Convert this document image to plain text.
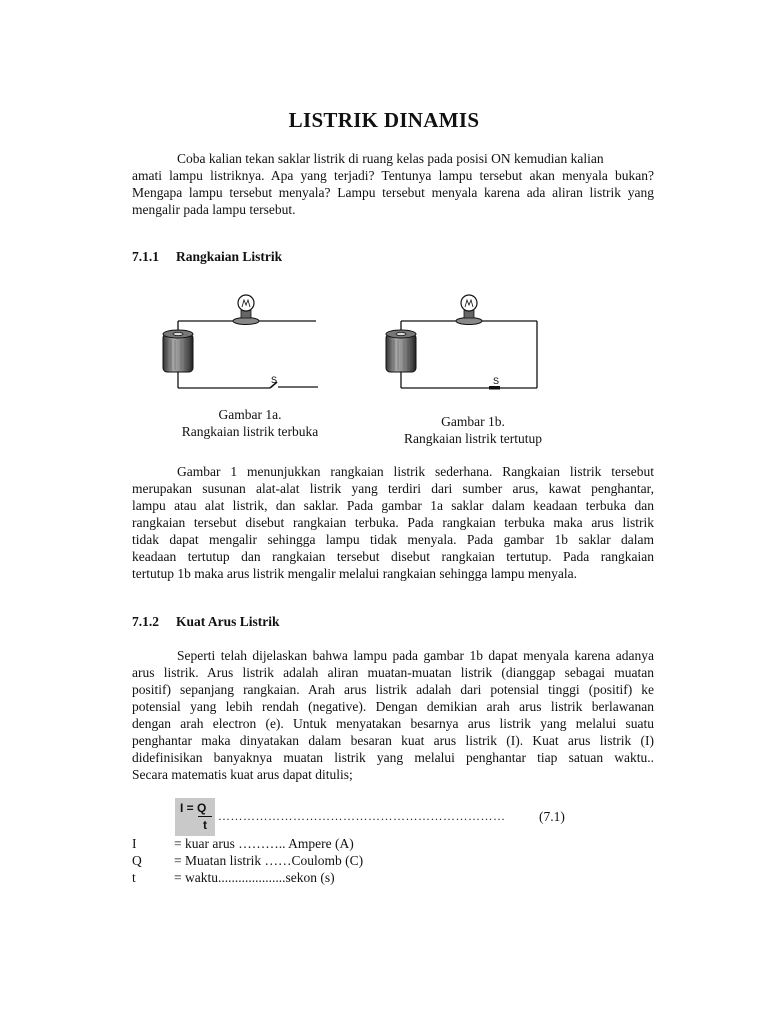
LISTRIK DINAMIS
Coba kalian tekan saklar listrik di ruang kelas pada posisi ON kemudian kalian
amati lampu listriknya. Apa yang terjadi? Tentunya lampu tersebut akan menyala bukan?
Mengapa lampu tersebut menyala? Lampu tersebut menyala karena ada aliran listrik yang
mengalir pada lampu tersebut.
7.1.1 Rangkaian Listrik
S	S
Gambar 1a.
Rangkaian listrik terbuka
Gambar 1b.
Rangkaian listrik tertutup
Gambar 1 menunjukkan rangkaian listrik sederhana. Rangkaian listrik tersebut
merupakan susunan alat-alat listrik yang terdiri dari sumber arus, kawat penghantar,
lampu atau alat listrik, dan saklar. Pada gambar 1a saklar dalam keadaan terbuka dan
rangkaian tersebut disebut rangkaian terbuka. Pada rangkaian terbuka maka arus listrik
tidak dapat mengalir sehingga lampu tidak menyala. Pada gambar 1b saklar dalam
keadaan tertutup dan rangkaian tersebut disebut rangkaian tertutup. Pada rangkaian
tertutup 1b maka arus listrik mengalir melalui rangkaian sehingga lampu menyala.
7.1.2 Kuat Arus Listrik
Seperti telah dijelaskan bahwa lampu pada gambar 1b dapat menyala karena adanya
arus listrik. Arus listrik adalah aliran muatan-muatan listrik (dianggap sebagai muatan
positif) sepanjang rangkaian. Arah arus listrik adalah dari potensial tinggi (positif) ke
potensial yang lebih rendah (negative). Dengan demikian arah arus listrik berlawanan
dengan arah electron (e). Untuk menyatakan besarnya arus listrik yang melalui suatu
penghantar maka dinyatakan dalam besaran kuat arus listrik (I). Kuat arus listrik (I)
didefinisikan banyaknya muatan listrik yang melalui penghantar tiap satuan waktu..
Secara matematis kuat arus dapat ditulis;
I = Q
t
…………………………………………………………… (7.1)
I	= kuar arus ……….. Ampere (A)
Q = Muatan listrik ……Coulomb (C)
t	= waktu....................sekon (s)
